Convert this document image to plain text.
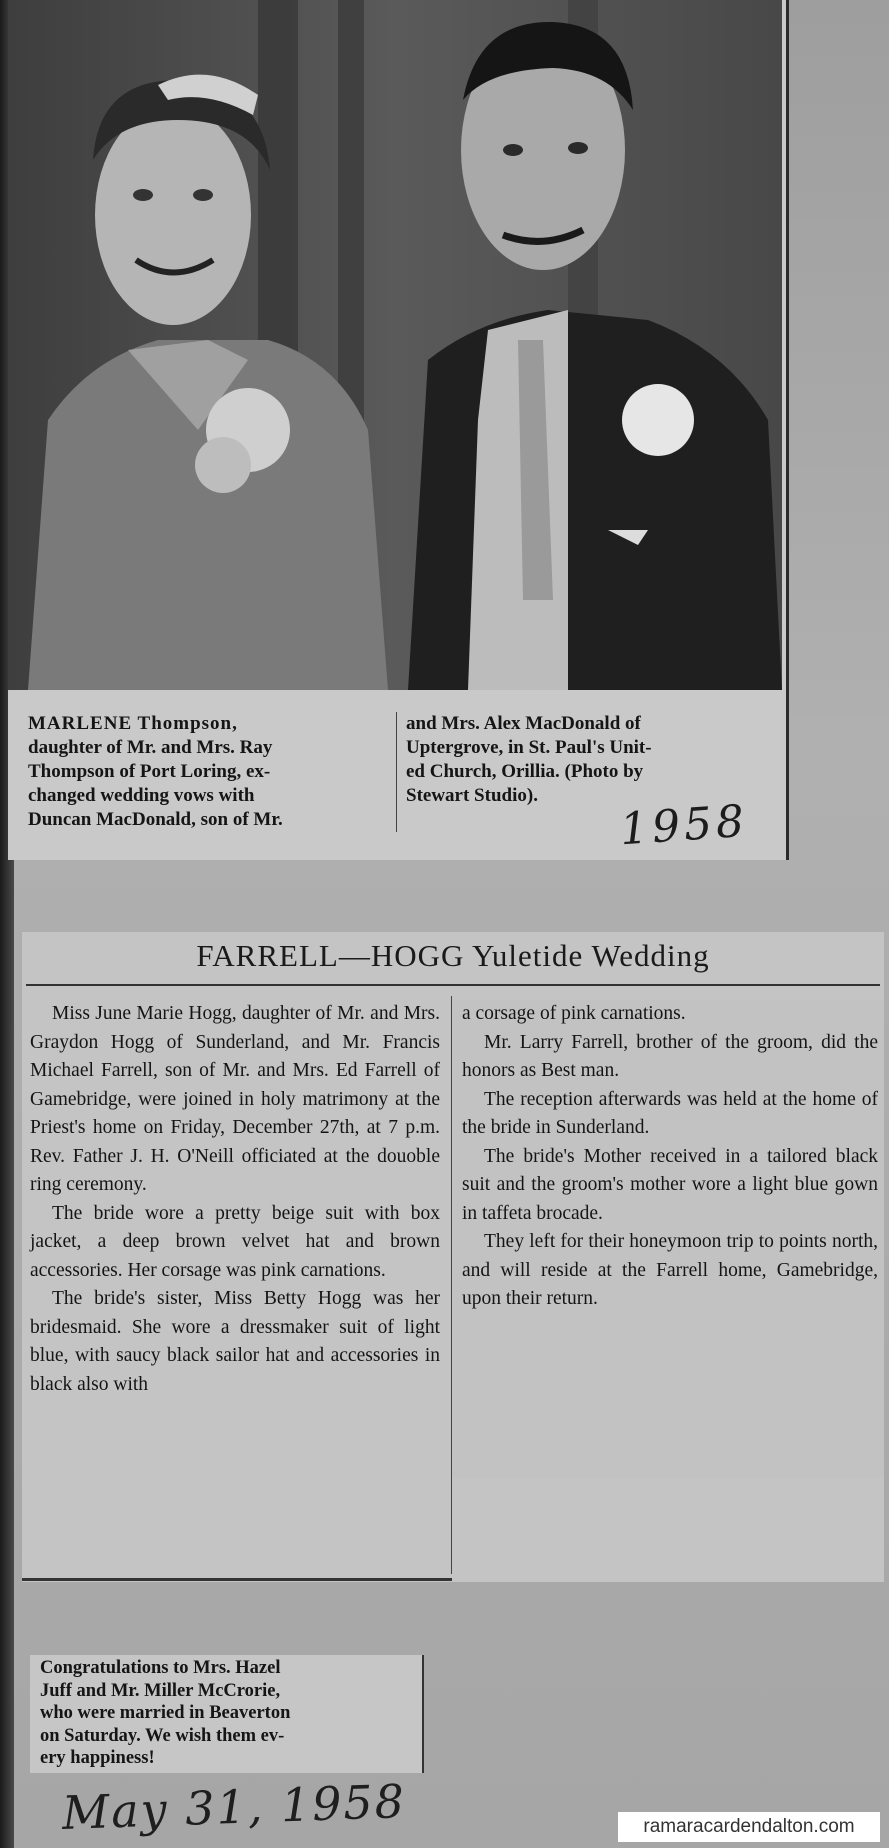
MARLENE Thompson,
daughter of Mr. and Mrs. Ray
Thompson of Port Loring, ex-
changed wedding vows with
Duncan MacDonald, son of Mr.
and Mrs. Alex MacDonald of
Uptergrove, in St. Paul's Unit-
ed Church, Orillia. (Photo by
Stewart Studio).
1958
FARRELL—HOGG Yuletide Wedding

Miss June Marie Hogg, daughter of Mr. and Mrs. Graydon Hogg of Sunderland, and Mr. Francis Michael Farrell, son of Mr. and Mrs. Ed Farrell of Gamebridge, were joined in holy matrimony at the Priest's home on Friday, December 27th, at 7 p.m. Rev. Father J. H. O'Neill officiated at the douoble ring ceremony.

The bride wore a pretty beige suit with box jacket, a deep brown velvet hat and brown accessories. Her corsage was pink carnations.

The bride's sister, Miss Betty Hogg was her bridesmaid. She wore a dressmaker suit of light blue, with saucy black sailor hat and accessories in black also with

a corsage of pink carnations.

Mr. Larry Farrell, brother of the groom, did the honors as Best man.

The reception afterwards was held at the home of the bride in Sunderland.

The bride's Mother received in a tailored black suit and the groom's mother wore a light blue gown in taffeta brocade.

They left for their honeymoon trip to points north, and will reside at the Farrell home, Gamebridge, upon their return.

Congratulations to Mrs. Hazel
Juff and Mr. Miller McCrorie,
who were married in Beaverton
on Saturday. We wish them ev-
ery happiness!
May 31, 1958	ramaracardendalton.com
